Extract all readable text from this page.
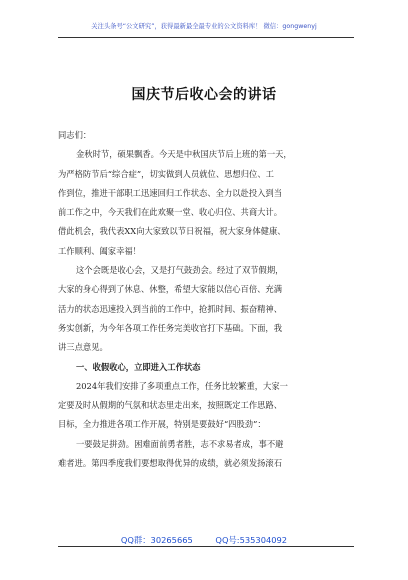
关注头条号“公文研究”，获得最新最全最专业的公文资料库！ 微信：gongwenyj
国庆节后收心会的讲话

同志们：

金秋时节，硕果飘香。今天是中秋国庆节后上班的第一天，

为严格防节后“综合症”，切实做到人员就位、思想归位、工

作到位，推进干部职工迅速回归工作状态、全力以赴投入到当

前工作之中，今天我们在此欢聚一堂、收心归位、共商大计。

借此机会，我代表XX向大家致以节日祝福，祝大家身体健康、

工作顺利、阖家幸福！

这个会既是收心会，又是打气鼓劲会。经过了双节假期，

大家的身心得到了休息、休整，希望大家能以信心百倍、充满

活力的状态迅速投入到当前的工作中，抢抓时间、振奋精神、

务实创新，为今年各项工作任务完美收官打下基础。下面，我

讲三点意见。

一、收假收心，立即进入工作状态

2024年我们安排了多项重点工作，任务比较繁重，大家一

定要及时从假期的气氛和状态里走出来，按照既定工作思路、

目标，全力推进各项工作开展，特别是要鼓好“四股劲”：

一要鼓足拼劲。困难面前勇者胜，志不求易者成，事不避

难者进。第四季度我们要想取得优异的成绩，就必须发扬滚石

QQ群：30265665	QQ号:535304092
